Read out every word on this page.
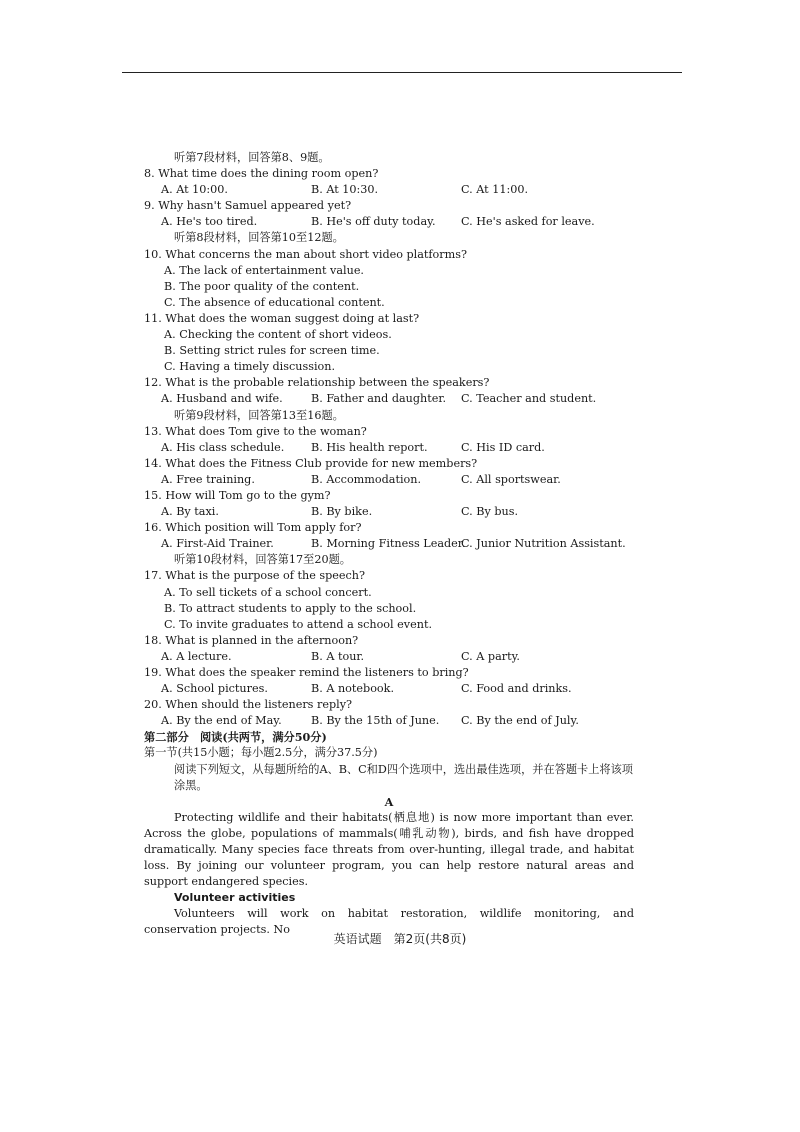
听第7段材料，回答第8、9题。
8. What time does the dining room open?
A. At 10:00.	B. At 10:30.	C. At 11:00.
9. Why hasn't Samuel appeared yet?
A. He's too tired.	B. He's off duty today. C. He's asked for leave.
听第8段材料，回答第10至12题。
10. What concerns the man about short video platforms?
A. The lack of entertainment value.
B. The poor quality of the content.
C. The absence of educational content.
11. What does the woman suggest doing at last?
A. Checking the content of short videos.
B. Setting strict rules for screen time.
C. Having a timely discussion.
12. What is the probable relationship between the speakers?
A. Husband and wife.	B. Father and daughter. C. Teacher and student.
听第9段材料，回答第13至16题。
13. What does Tom give to the woman?
A. His class schedule. B. His health report.	C. His ID card.
14. What does the Fitness Club provide for new members?
A. Free training.	B. Accommodation.	C. All sportswear.
15. How will Tom go to the gym?
A. By taxi.	B. By bike.	C. By bus.
16. Which position will Tom apply for?
A. First-Aid Trainer.	B. Morning Fitness Leader.
C. Junior Nutrition Assistant.
听第10段材料，回答第17至20题。
17. What is the purpose of the speech?
A. To sell tickets of a school concert.
B. To attract students to apply to the school.
C. To invite graduates to attend a school event.
18. What is planned in the afternoon?
A. A lecture.	B. A tour.	C. A party.
19. What does the speaker remind the listeners to bring?
A. School pictures.	B. A notebook.	C. Food and drinks.
20. When should the listeners reply?
A. By the end of May.	B. By the 15th of June. C. By the end of July.
第二部分　阅读(共两节，满分50分)
第一节(共15小题；每小题2.5分，满分37.5分)
阅读下列短文，从每题所给的A、B、C和D四个选项中，选出最佳选项，并在答题卡上将该项涂黑。
A
Protecting wildlife and their habitats(栖息地) is now more important than ever. Across the globe, populations of mammals(哺乳动物), birds, and fish have dropped dramatically. Many species face threats from over-hunting, illegal trade, and habitat loss. By joining our volunteer program, you can help restore natural areas and support endangered species.
Volunteer activities
Volunteers will work on habitat restoration, wildlife monitoring, and conservation projects. No
英语试题　第2页(共8页)
